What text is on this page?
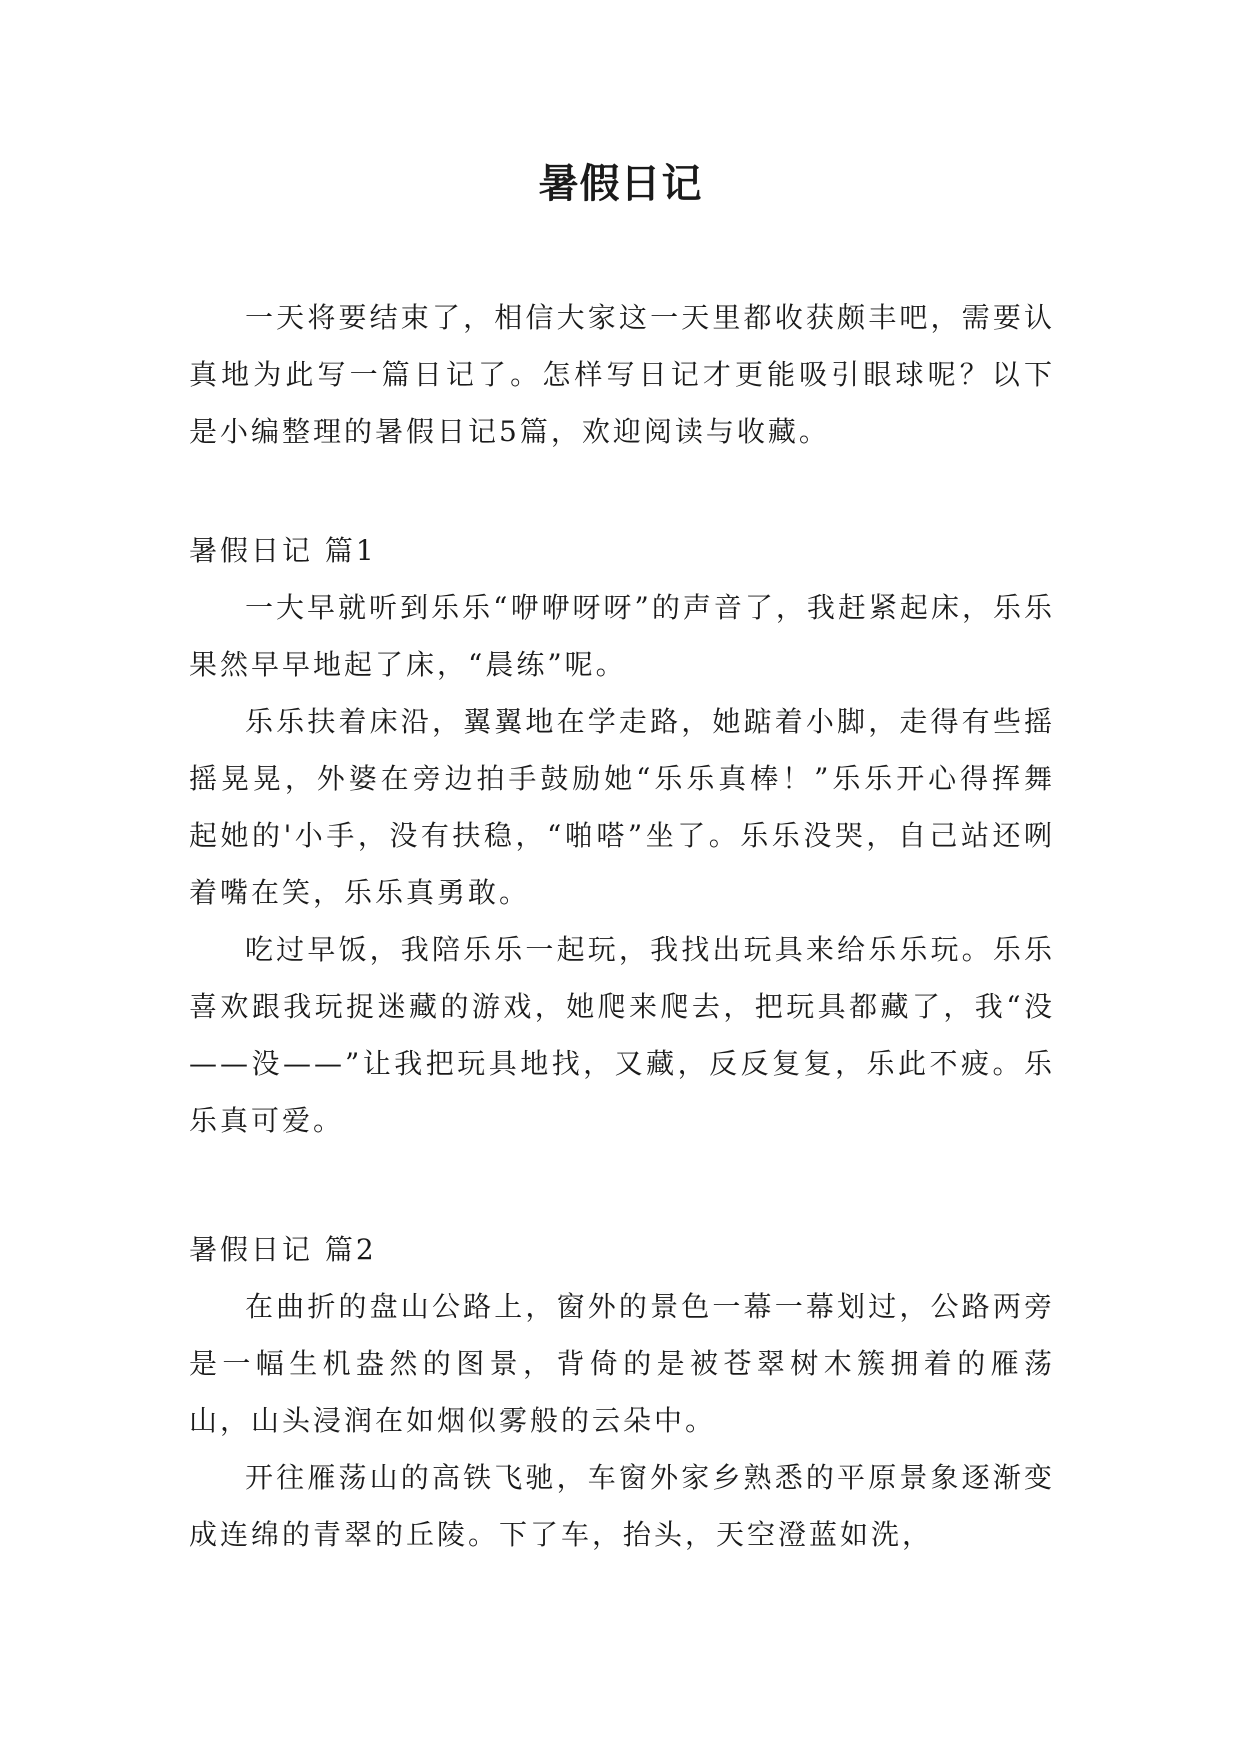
暑假日记

一天将要结束了，相信大家这一天里都收获颇丰吧，需要认真地为此写一篇日记了。怎样写日记才更能吸引眼球呢？以下是小编整理的暑假日记5篇，欢迎阅读与收藏。

暑假日记 篇1

一大早就听到乐乐“咿咿呀呀”的声音了，我赶紧起床，乐乐果然早早地起了床，“晨练”呢。

乐乐扶着床沿，翼翼地在学走路，她踮着小脚，走得有些摇摇晃晃，外婆在旁边拍手鼓励她“乐乐真棒！”乐乐开心得挥舞起她的'小手，没有扶稳，“啪嗒”坐了。乐乐没哭，自己站还咧着嘴在笑，乐乐真勇敢。

吃过早饭，我陪乐乐一起玩，我找出玩具来给乐乐玩。乐乐喜欢跟我玩捉迷藏的游戏，她爬来爬去，把玩具都藏了，我“没——没——”让我把玩具地找，又藏，反反复复，乐此不疲。乐乐真可爱。

暑假日记 篇2

在曲折的盘山公路上，窗外的景色一幕一幕划过，公路两旁是一幅生机盎然的图景，背倚的是被苍翠树木簇拥着的雁荡山，山头浸润在如烟似雾般的云朵中。

开往雁荡山的高铁飞驰，车窗外家乡熟悉的平原景象逐渐变成连绵的青翠的丘陵。下了车，抬头，天空澄蓝如洗，
